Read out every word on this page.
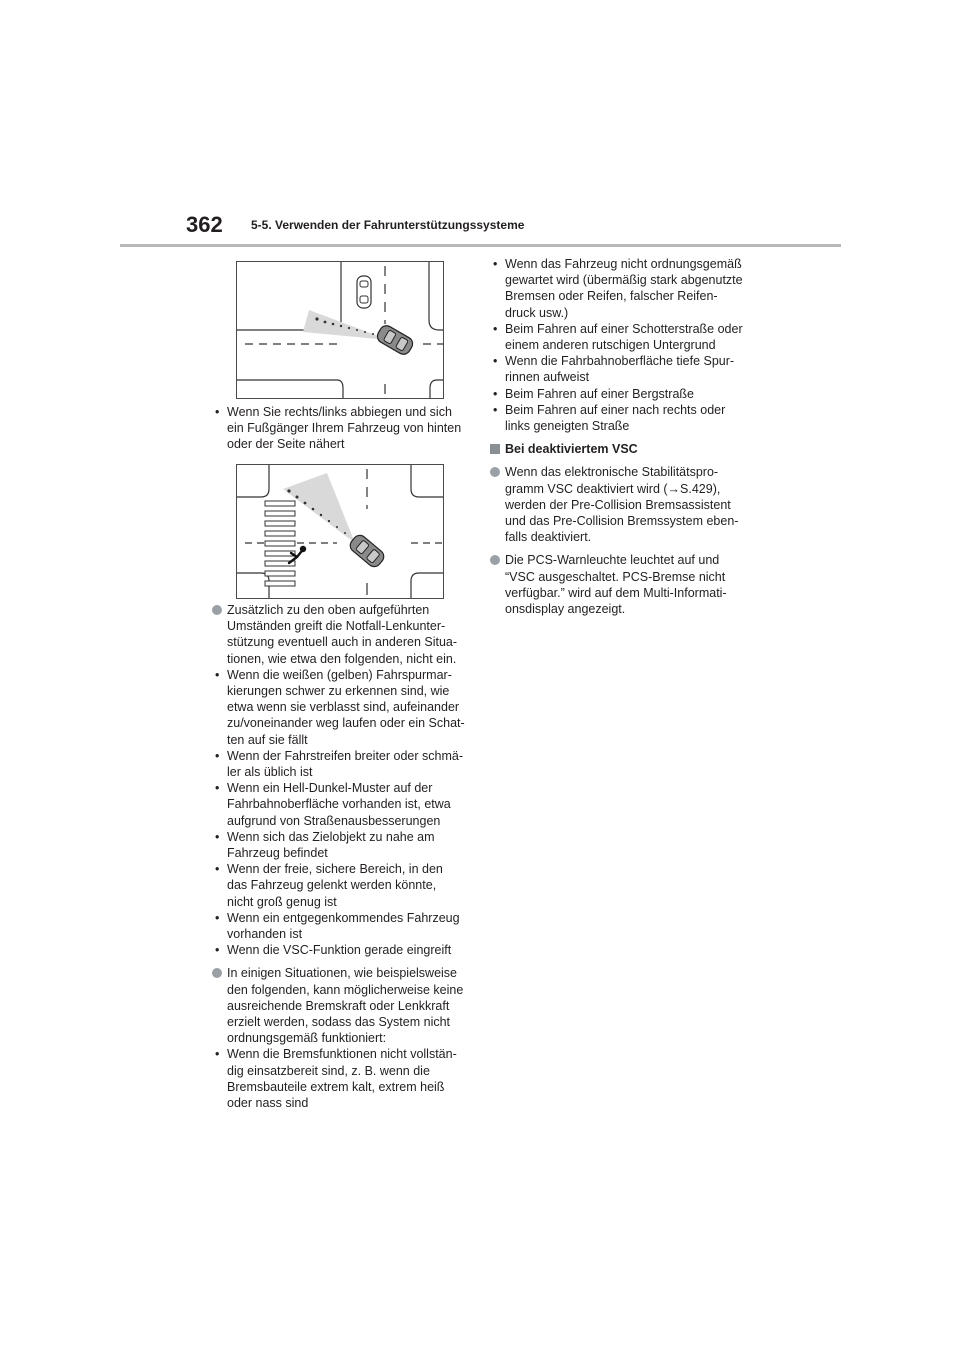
362 5-5. Verwenden der Fahrunterstützungssysteme
• Wenn Sie rechts/links abbiegen und sich
ein Fußgänger Ihrem Fahrzeug von hinten
oder der Seite nähert
Zusätzlich zu den oben aufgeführten
Umständen greift die Notfall-Lenkunter-
stützung eventuell auch in anderen Situa-
tionen, wie etwa den folgenden, nicht ein.
• Wenn die weißen (gelben) Fahrspurmar-
kierungen schwer zu erkennen sind, wie
etwa wenn sie verblasst sind, aufeinander
zu/voneinander weg laufen oder ein Schat-
ten auf sie fällt
• Wenn der Fahrstreifen breiter oder schmä-
ler als üblich ist
• Wenn ein Hell-Dunkel-Muster auf der
Fahrbahnoberfläche vorhanden ist, etwa
aufgrund von Straßenausbesserungen
• Wenn sich das Zielobjekt zu nahe am
Fahrzeug befindet
• Wenn der freie, sichere Bereich, in den
das Fahrzeug gelenkt werden könnte,
nicht groß genug ist
• Wenn ein entgegenkommendes Fahrzeug
vorhanden ist
• Wenn die VSC-Funktion gerade eingreift
In einigen Situationen, wie beispielsweise
den folgenden, kann möglicherweise keine
ausreichende Bremskraft oder Lenkkraft
erzielt werden, sodass das System nicht
ordnungsgemäß funktioniert:
• Wenn die Bremsfunktionen nicht vollstän-
dig einsatzbereit sind, z. B. wenn die
Bremsbauteile extrem kalt, extrem heiß
oder nass sind
• Wenn das Fahrzeug nicht ordnungsgemäß
gewartet wird (übermäßig stark abgenutzte
Bremsen oder Reifen, falscher Reifen-
druck usw.)
• Beim Fahren auf einer Schotterstraße oder
einem anderen rutschigen Untergrund
• Wenn die Fahrbahnoberfläche tiefe Spur-
rinnen aufweist
• Beim Fahren auf einer Bergstraße
• Beim Fahren auf einer nach rechts oder
links geneigten Straße
Bei deaktiviertem VSC
Wenn das elektronische Stabilitätspro-
gramm VSC deaktiviert wird (→S.429),
werden der Pre-Collision Bremsassistent
und das Pre-Collision Bremssystem eben-
falls deaktiviert.
Die PCS-Warnleuchte leuchtet auf und
“VSC ausgeschaltet. PCS-Bremse nicht
verfügbar.” wird auf dem Multi-Informati-
onsdisplay angezeigt.
